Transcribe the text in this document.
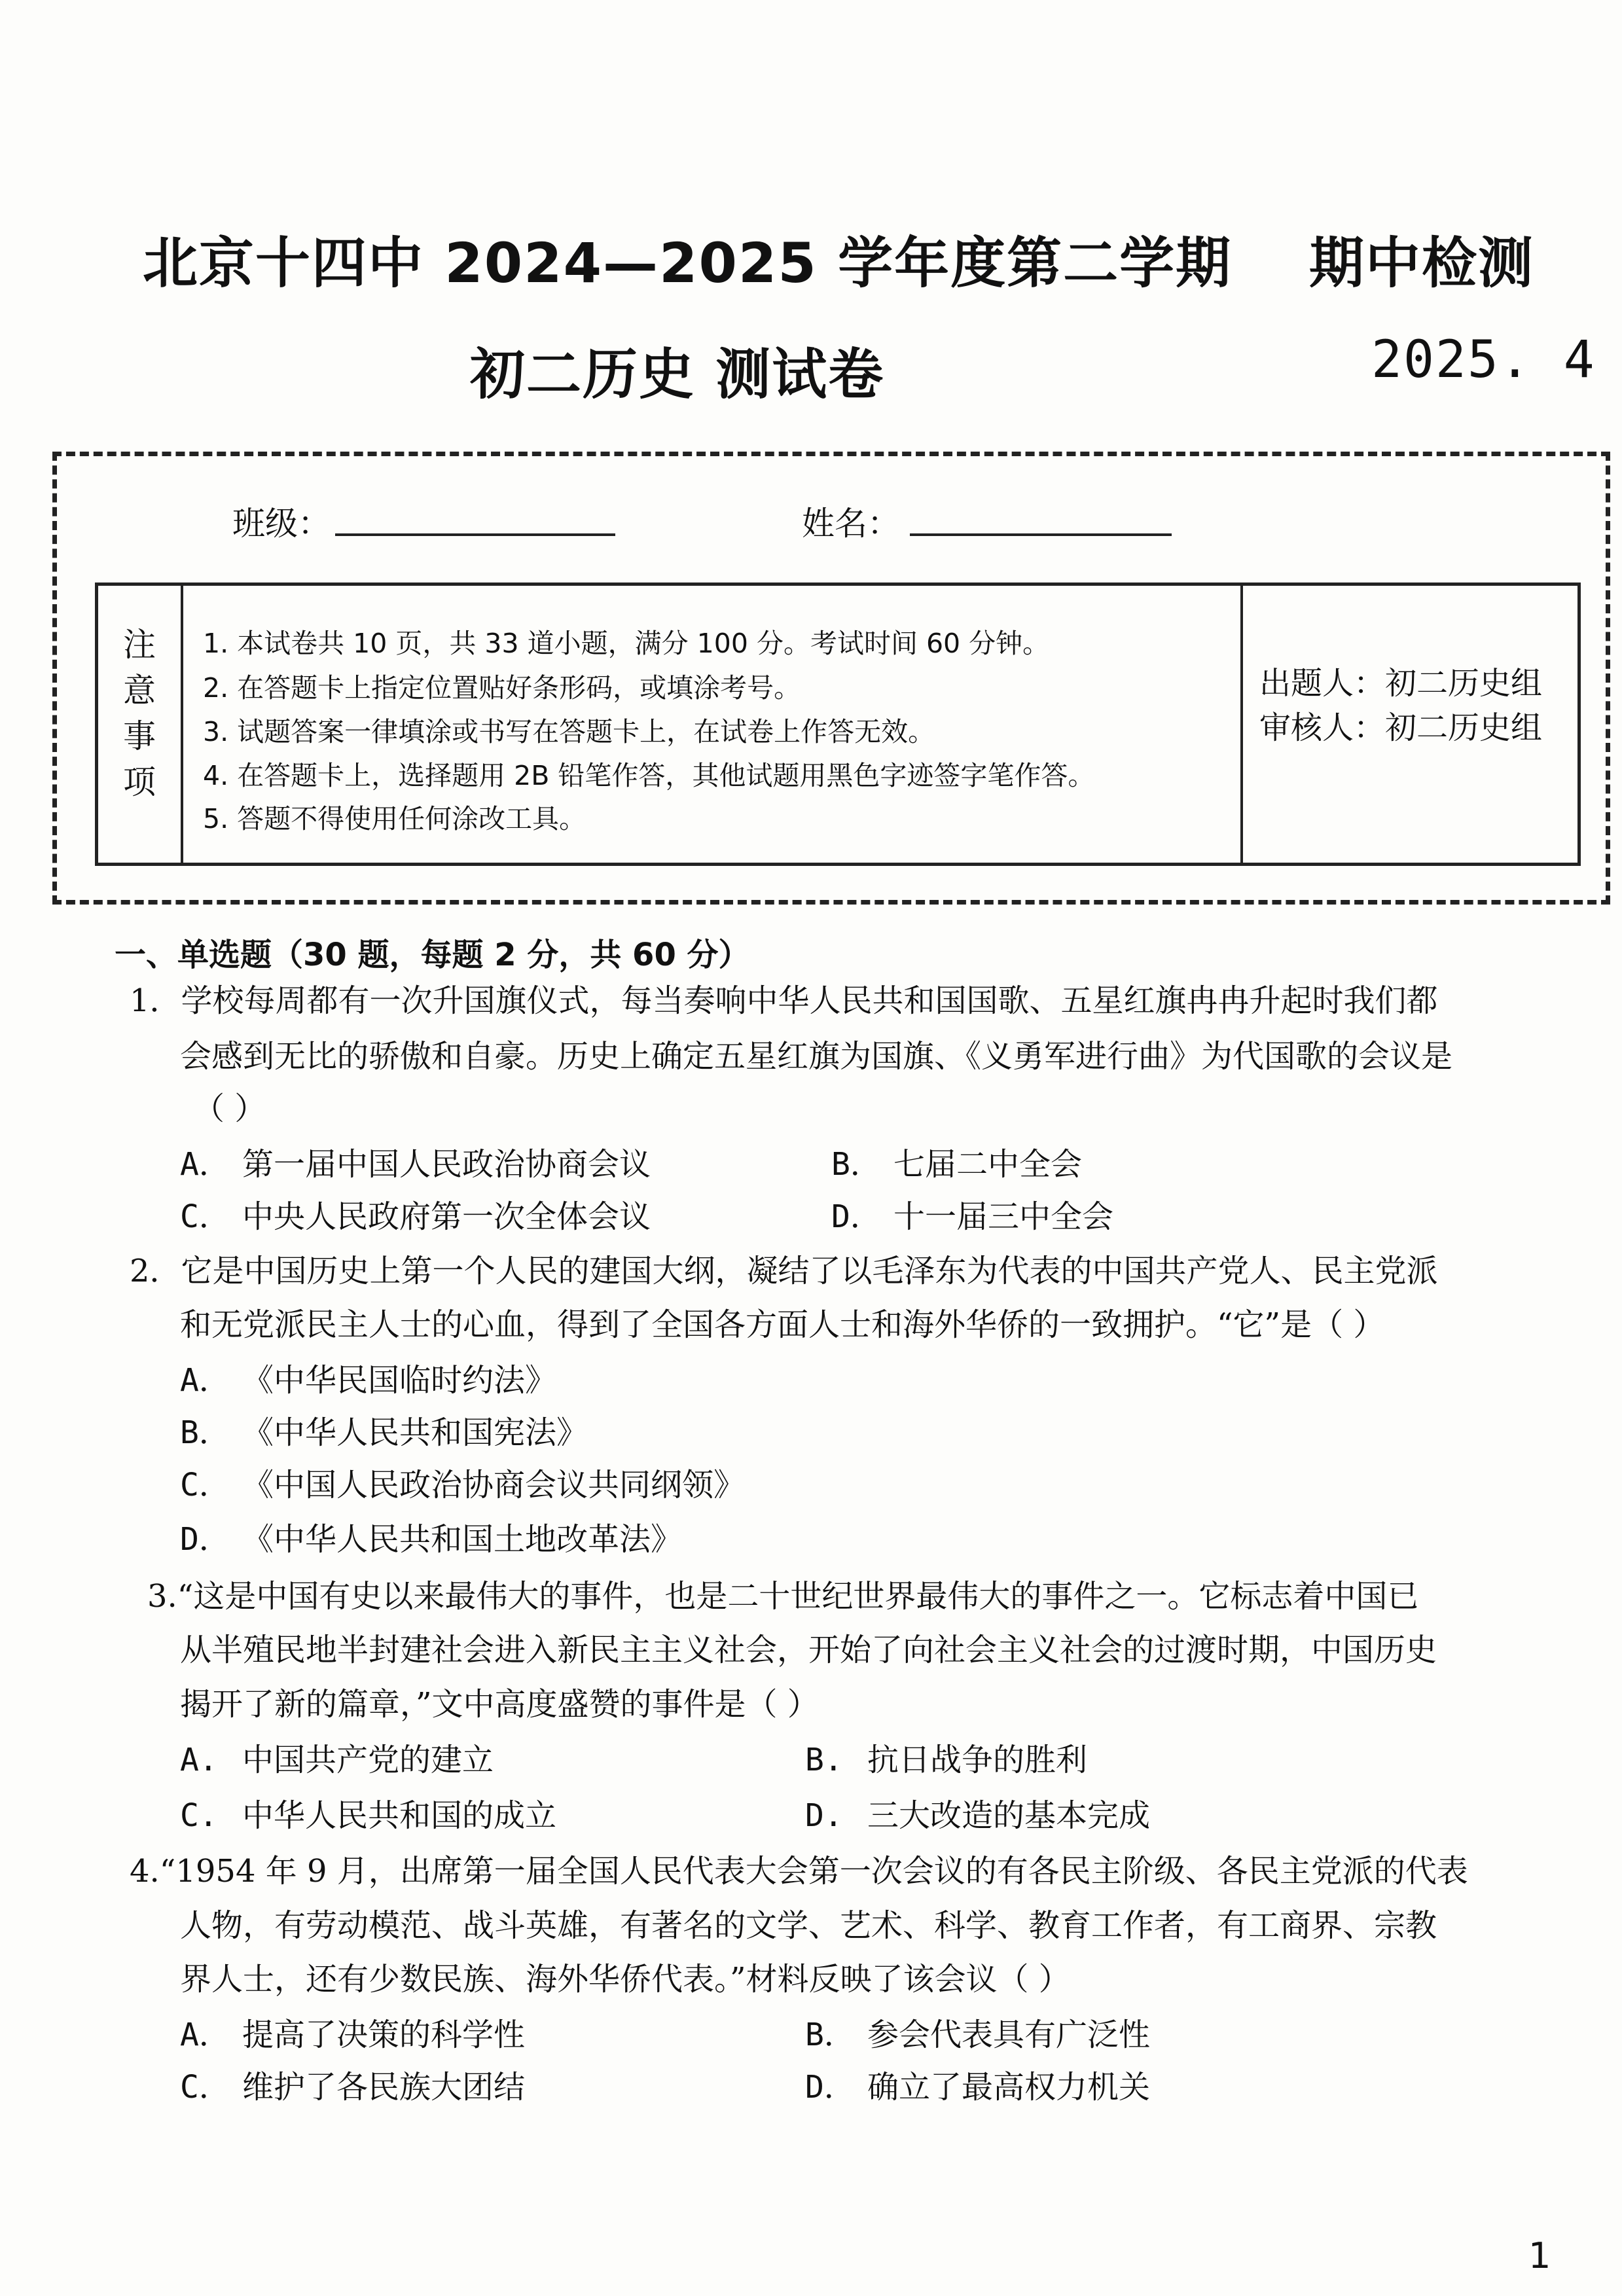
北京十四中 2024—2025 学年度第二学期 期中检测
初二历史 测试卷	2025. 4
班级：	姓名：
注
意
事
项
1. 本试卷共 10 页，共 33 道小题，满分 100 分。考试时间 60 分钟。
2. 在答题卡上指定位置贴好条形码，或填涂考号。
3. 试题答案一律填涂或书写在答题卡上，在试卷上作答无效。
4. 在答题卡上，选择题用 2B 铅笔作答，其他试题用黑色字迹签字笔作答。
5. 答题不得使用任何涂改工具。
出题人：初二历史组
审核人：初二历史组
一、单选题（30 题，每题 2 分，共 60 分）
1．学校每周都有一次升国旗仪式，每当奏响中华人民共和国国歌、五星红旗冉冉升起时我们都
会感到无比的骄傲和自豪。历史上确定五星红旗为国旗、《义勇军进行曲》为代国歌的会议是
（ ）
A． 第一届中国人民政治协商会议	B． 七届二中全会
C． 中央人民政府第一次全体会议	D． 十一届三中全会
2．它是中国历史上第一个人民的建国大纲，凝结了以毛泽东为代表的中国共产党人、民主党派
和无党派民主人士的心血，得到了全国各方面人士和海外华侨的一致拥护。“它”是（ ）
A． 《中华民国临时约法》
B． 《中华人民共和国宪法》
C． 《中国人民政治协商会议共同纲领》
D． 《中华人民共和国土地改革法》
3.“这是中国有史以来最伟大的事件，也是二十世纪世界最伟大的事件之一。它标志着中国已
从半殖民地半封建社会进入新民主主义社会，开始了向社会主义社会的过渡时期，中国历史
揭开了新的篇章，”文中高度盛赞的事件是（ ）
A. 中国共产党的建立	B. 抗日战争的胜利
C. 中华人民共和国的成立	D. 三大改造的基本完成
4.“1954 年 9 月，出席第一届全国人民代表大会第一次会议的有各民主阶级、各民主党派的代表
人物，有劳动模范、战斗英雄，有著名的文学、艺术、科学、教育工作者，有工商界、宗教
界人士，还有少数民族、海外华侨代表。”材料反映了该会议（ ）
A． 提高了决策的科学性	B． 参会代表具有广泛性
C． 维护了各民族大团结	D． 确立了最高权力机关
1
